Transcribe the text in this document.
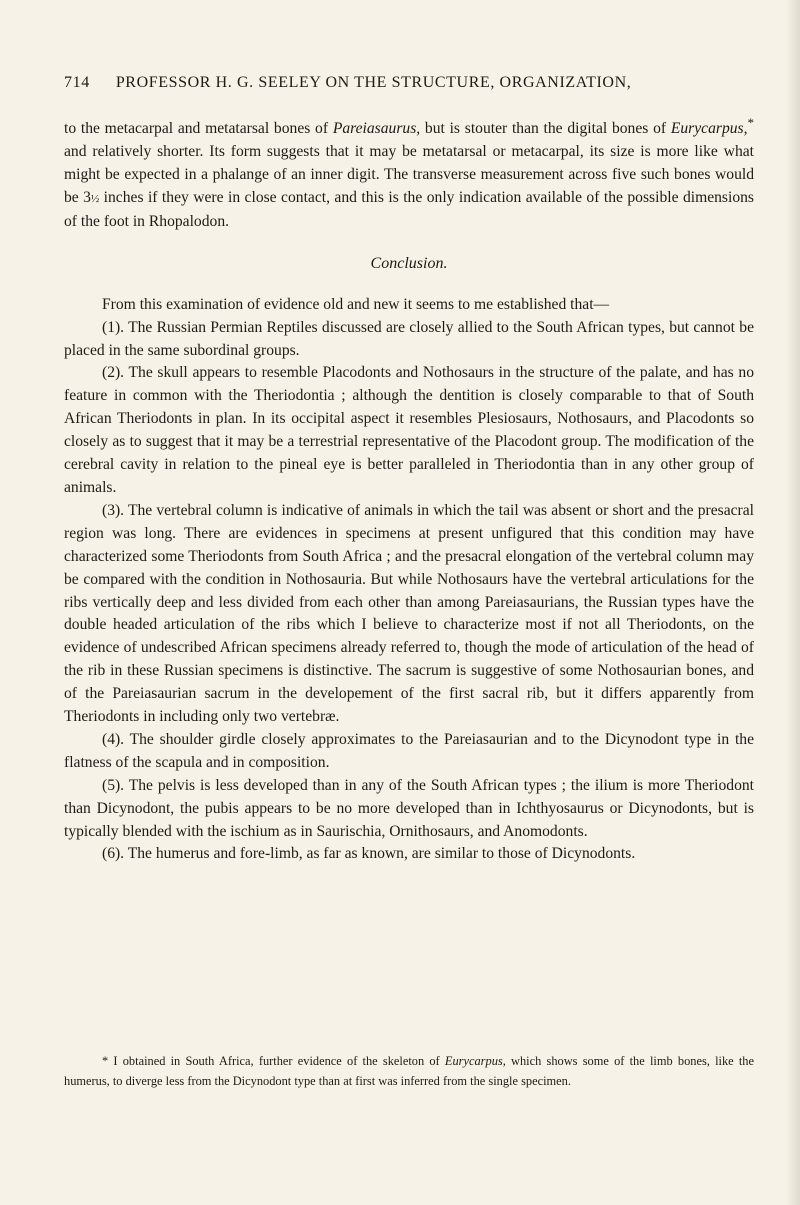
714 PROFESSOR H. G. SEELEY ON THE STRUCTURE, ORGANIZATION,

to the metacarpal and metatarsal bones of Pareiasaurus, but is stouter than the digital bones of Eurycarpus,* and relatively shorter. Its form suggests that it may be metatarsal or metacarpal, its size is more like what might be expected in a phalange of an inner digit. The transverse measurement across five such bones would be 3½ inches if they were in close contact, and this is the only indication available of the possible dimensions of the foot in Rhopalodon.

Conclusion.

From this examination of evidence old and new it seems to me established that—

(1). The Russian Permian Reptiles discussed are closely allied to the South African types, but cannot be placed in the same subordinal groups.

(2). The skull appears to resemble Placodonts and Nothosaurs in the structure of the palate, and has no feature in common with the Theriodontia ; although the dentition is closely comparable to that of South African Theriodonts in plan. In its occipital aspect it resembles Plesiosaurs, Nothosaurs, and Placodonts so closely as to suggest that it may be a terrestrial representative of the Placodont group. The modification of the cerebral cavity in relation to the pineal eye is better paralleled in Theriodontia than in any other group of animals.

(3). The vertebral column is indicative of animals in which the tail was absent or short and the presacral region was long. There are evidences in specimens at present unfigured that this condition may have characterized some Theriodonts from South Africa ; and the presacral elongation of the vertebral column may be compared with the condition in Nothosauria. But while Nothosaurs have the vertebral articulations for the ribs vertically deep and less divided from each other than among Pareiasaurians, the Russian types have the double headed articulation of the ribs which I believe to characterize most if not all Theriodonts, on the evidence of undescribed African specimens already referred to, though the mode of articulation of the head of the rib in these Russian specimens is distinctive. The sacrum is suggestive of some Nothosaurian bones, and of the Pareiasaurian sacrum in the developement of the first sacral rib, but it differs apparently from Theriodonts in including only two vertebræ.

(4). The shoulder girdle closely approximates to the Pareiasaurian and to the Dicynodont type in the flatness of the scapula and in composition.

(5). The pelvis is less developed than in any of the South African types ; the ilium is more Theriodont than Dicynodont, the pubis appears to be no more developed than in Ichthyosaurus or Dicynodonts, but is typically blended with the ischium as in Saurischia, Ornithosaurs, and Anomodonts.

(6). The humerus and fore-limb, as far as known, are similar to those of Dicynodonts.

* I obtained in South Africa, further evidence of the skeleton of Eurycarpus, which shows some of the limb bones, like the humerus, to diverge less from the Dicynodont type than at first was inferred from the single specimen.
